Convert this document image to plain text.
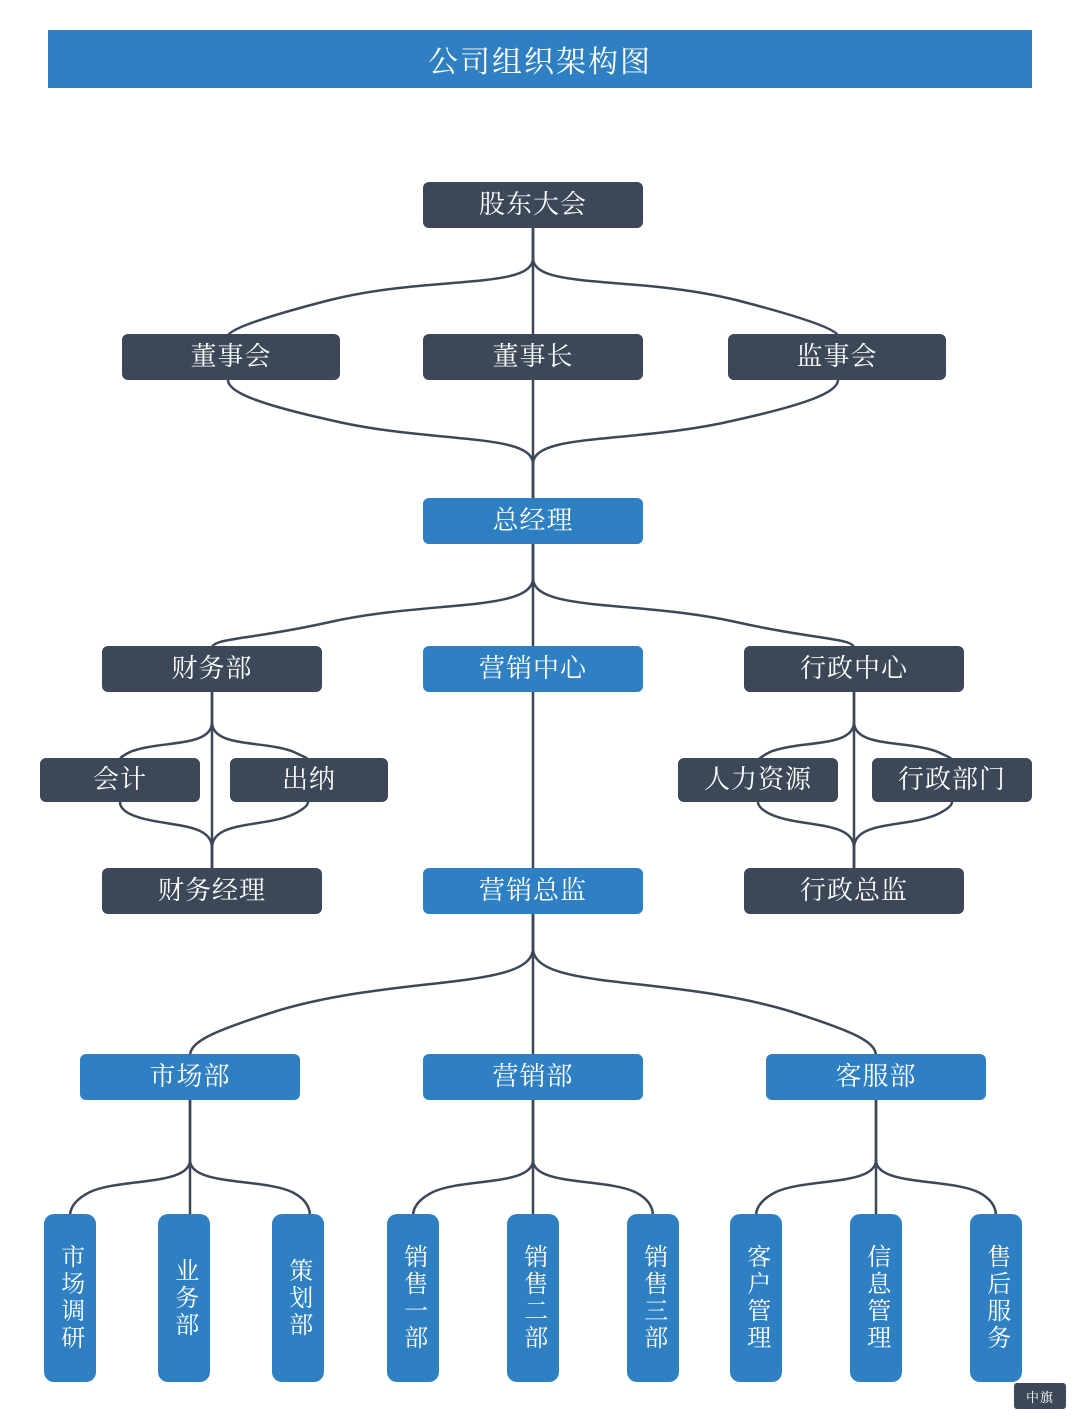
公司组织架构图
股东大会
董事会	董事长	监事会
总经理
财务部	营销中心	行政中心
会计	出纳	人力资源	行政部门
财务经理	营销总监	行政总监
市场部	营销部	客服部
市场调研	业务部	策划部	销售一部	销售二部	销售三部	客户管理	信息管理	售后服务
中旗
